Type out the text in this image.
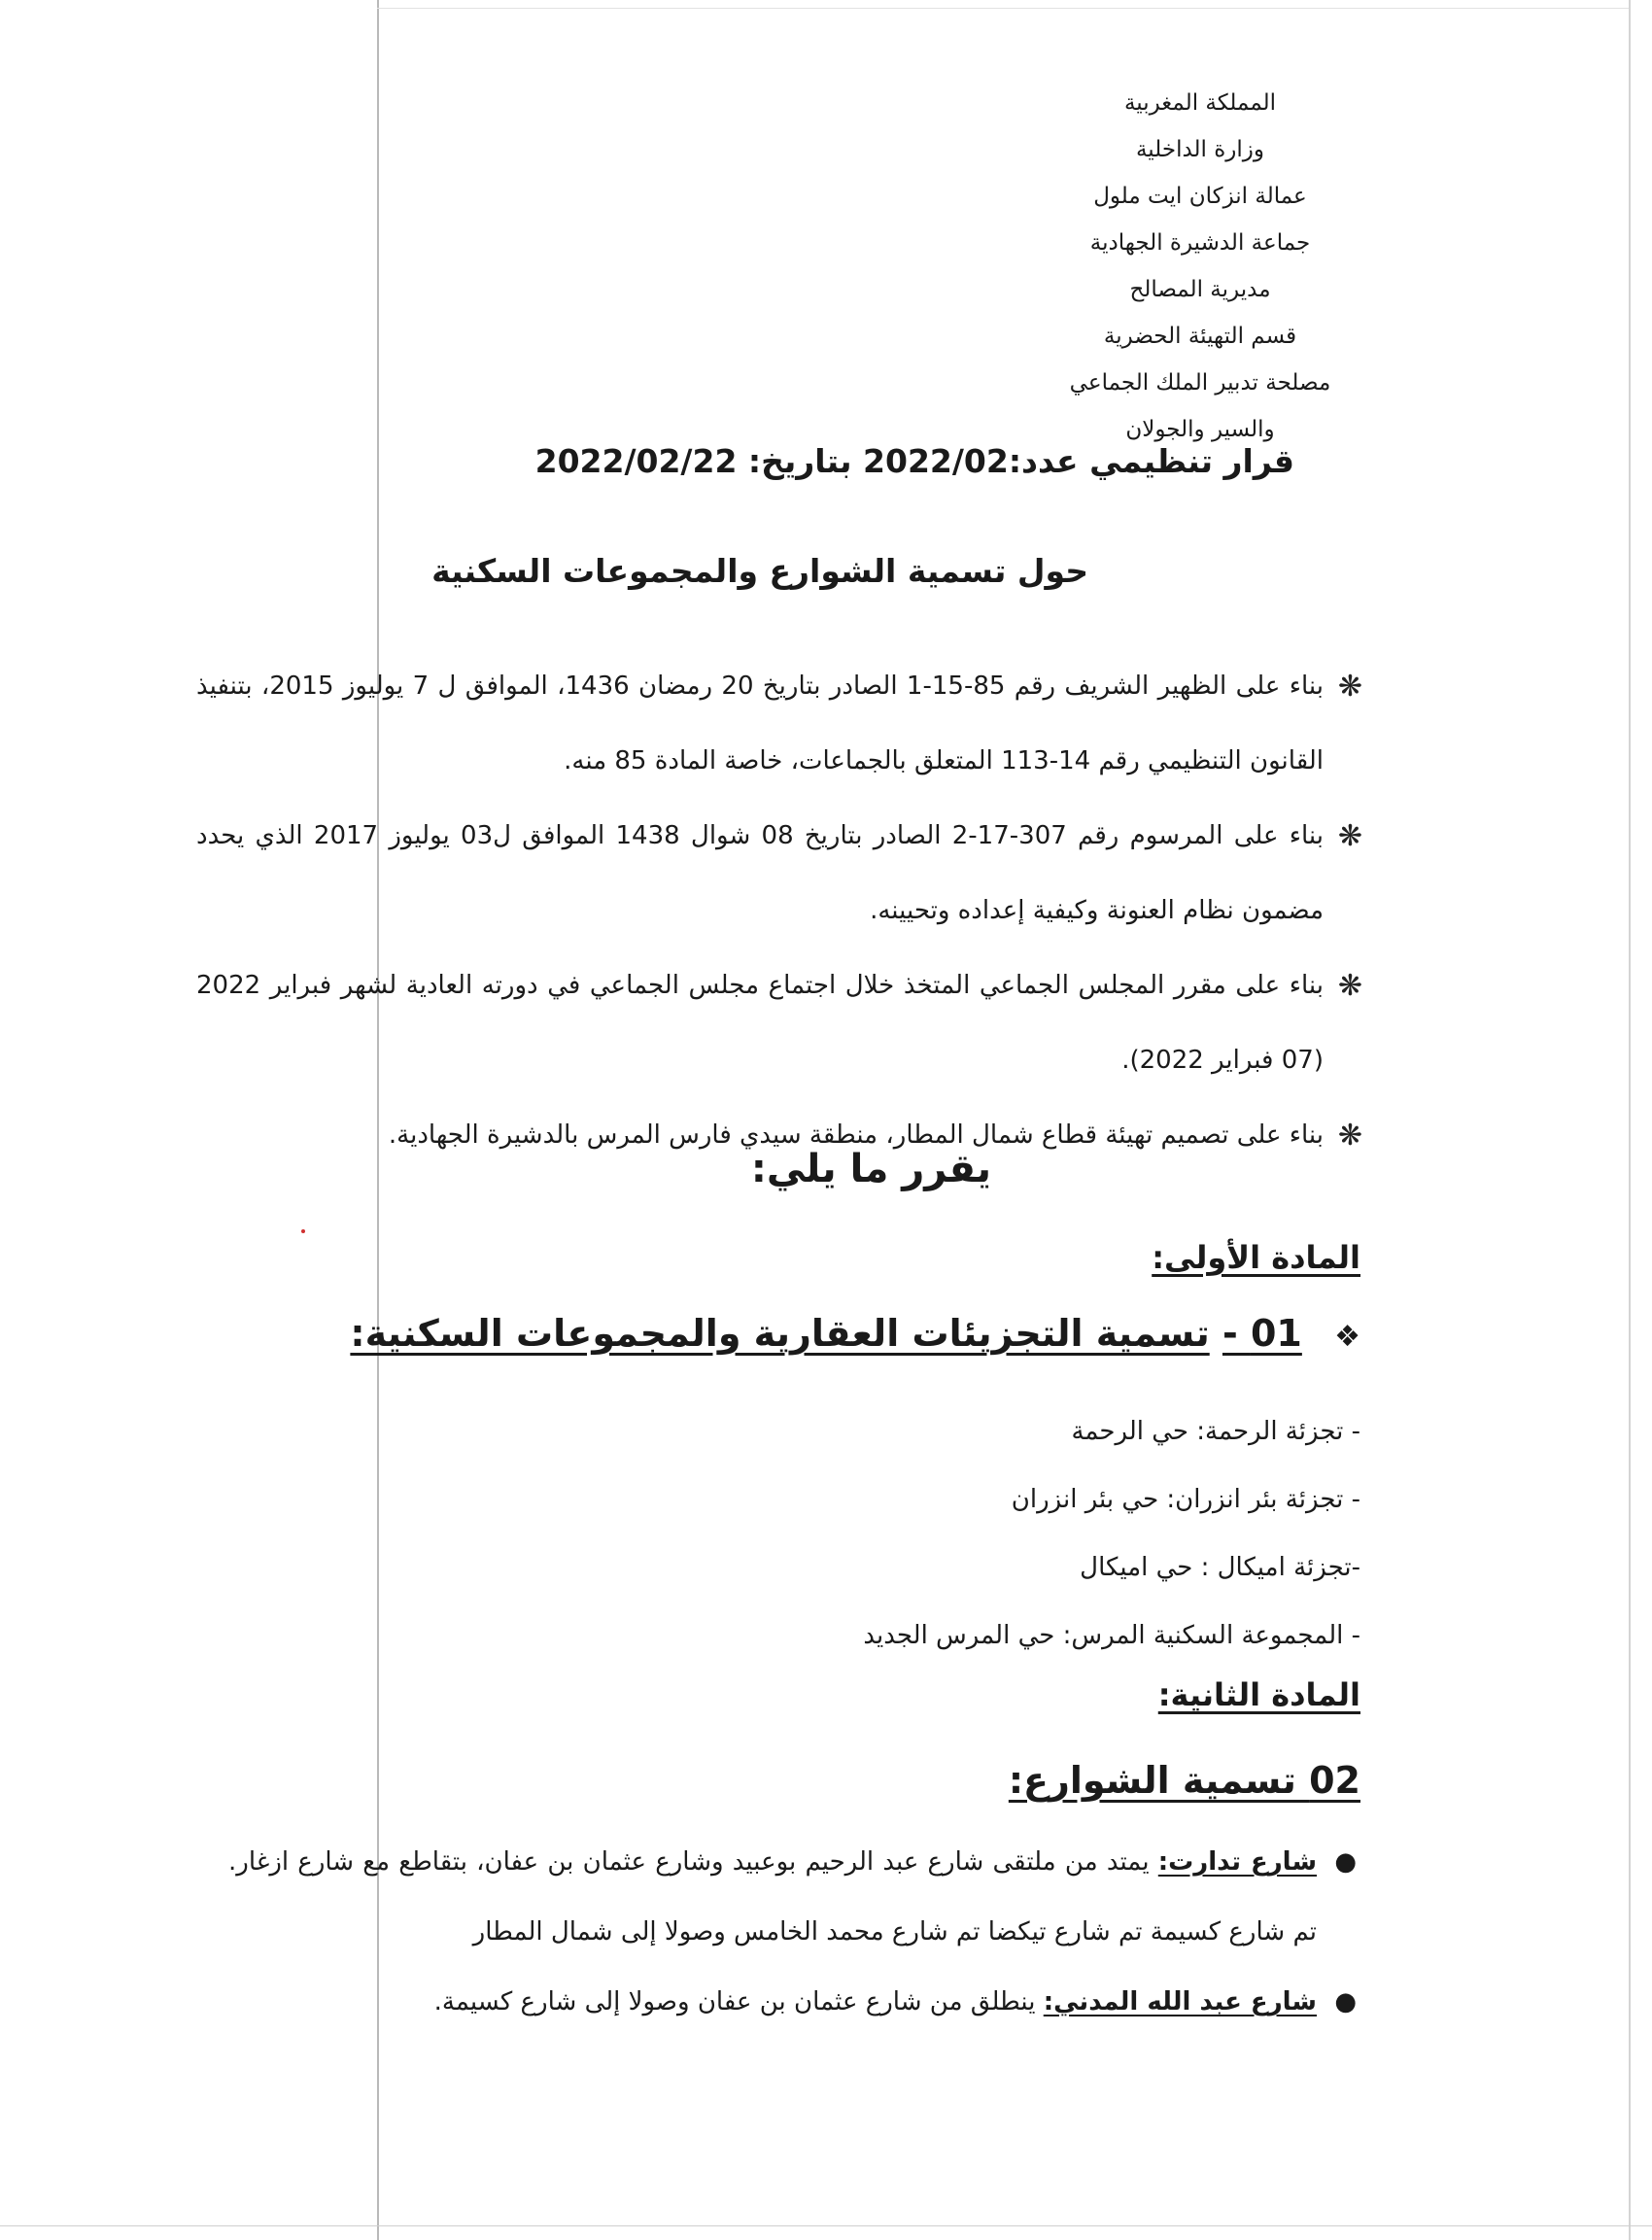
المملكة المغربية
وزارة الداخلية
عمالة انزكان ايت ملول
جماعة الدشيرة الجهادية
مديرية المصالح
قسم التهيئة الحضرية
مصلحة تدبير الملك الجماعي
والسير والجولان
قرار تنظيمي عدد:2022/02 بتاريخ: 2022/02/22
حول تسمية الشوارع والمجموعات السكنية
❋
بناء على الظهير الشريف رقم 85-15-1 الصادر بتاريخ 20 رمضان 1436، الموافق ل 7 يوليوز 2015، بتنفيذ القانون التنظيمي رقم 14-113 المتعلق بالجماعات، خاصة المادة 85 منه.
❋
بناء على المرسوم رقم 307-17-2 الصادر بتاريخ 08 شوال 1438 الموافق ل03 يوليوز 2017 الذي يحدد مضمون نظام العنونة وكيفية إعداده وتحيينه.
❋
بناء على مقرر المجلس الجماعي المتخذ خلال اجتماع مجلس الجماعي في دورته العادية لشهر فبراير 2022 (07 فبراير 2022).
❋
بناء على تصميم تهيئة قطاع شمال المطار، منطقة سيدي فارس المرس بالدشيرة الجهادية.
يقرر ما يلي:
المادة الأولى:
❖ 01 - تسمية التجزيئات العقارية والمجموعات السكنية:
- تجزئة الرحمة: حي الرحمة
- تجزئة بئر انزران: حي بئر انزران
-تجزئة اميكال : حي اميكال
- المجموعة السكنية المرس: حي المرس الجديد
المادة الثانية:
02 تسمية الشوارع:
●
شارع تدارت: يمتد من ملتقى شارع عبد الرحيم بوعبيد وشارع عثمان بن عفان، بتقاطع مع شارع ازغار. تم شارع كسيمة تم شارع تيكضا تم شارع محمد الخامس وصولا إلى شمال المطار
●
شارع عبد الله المدني: ينطلق من شارع عثمان بن عفان وصولا إلى شارع كسيمة.
